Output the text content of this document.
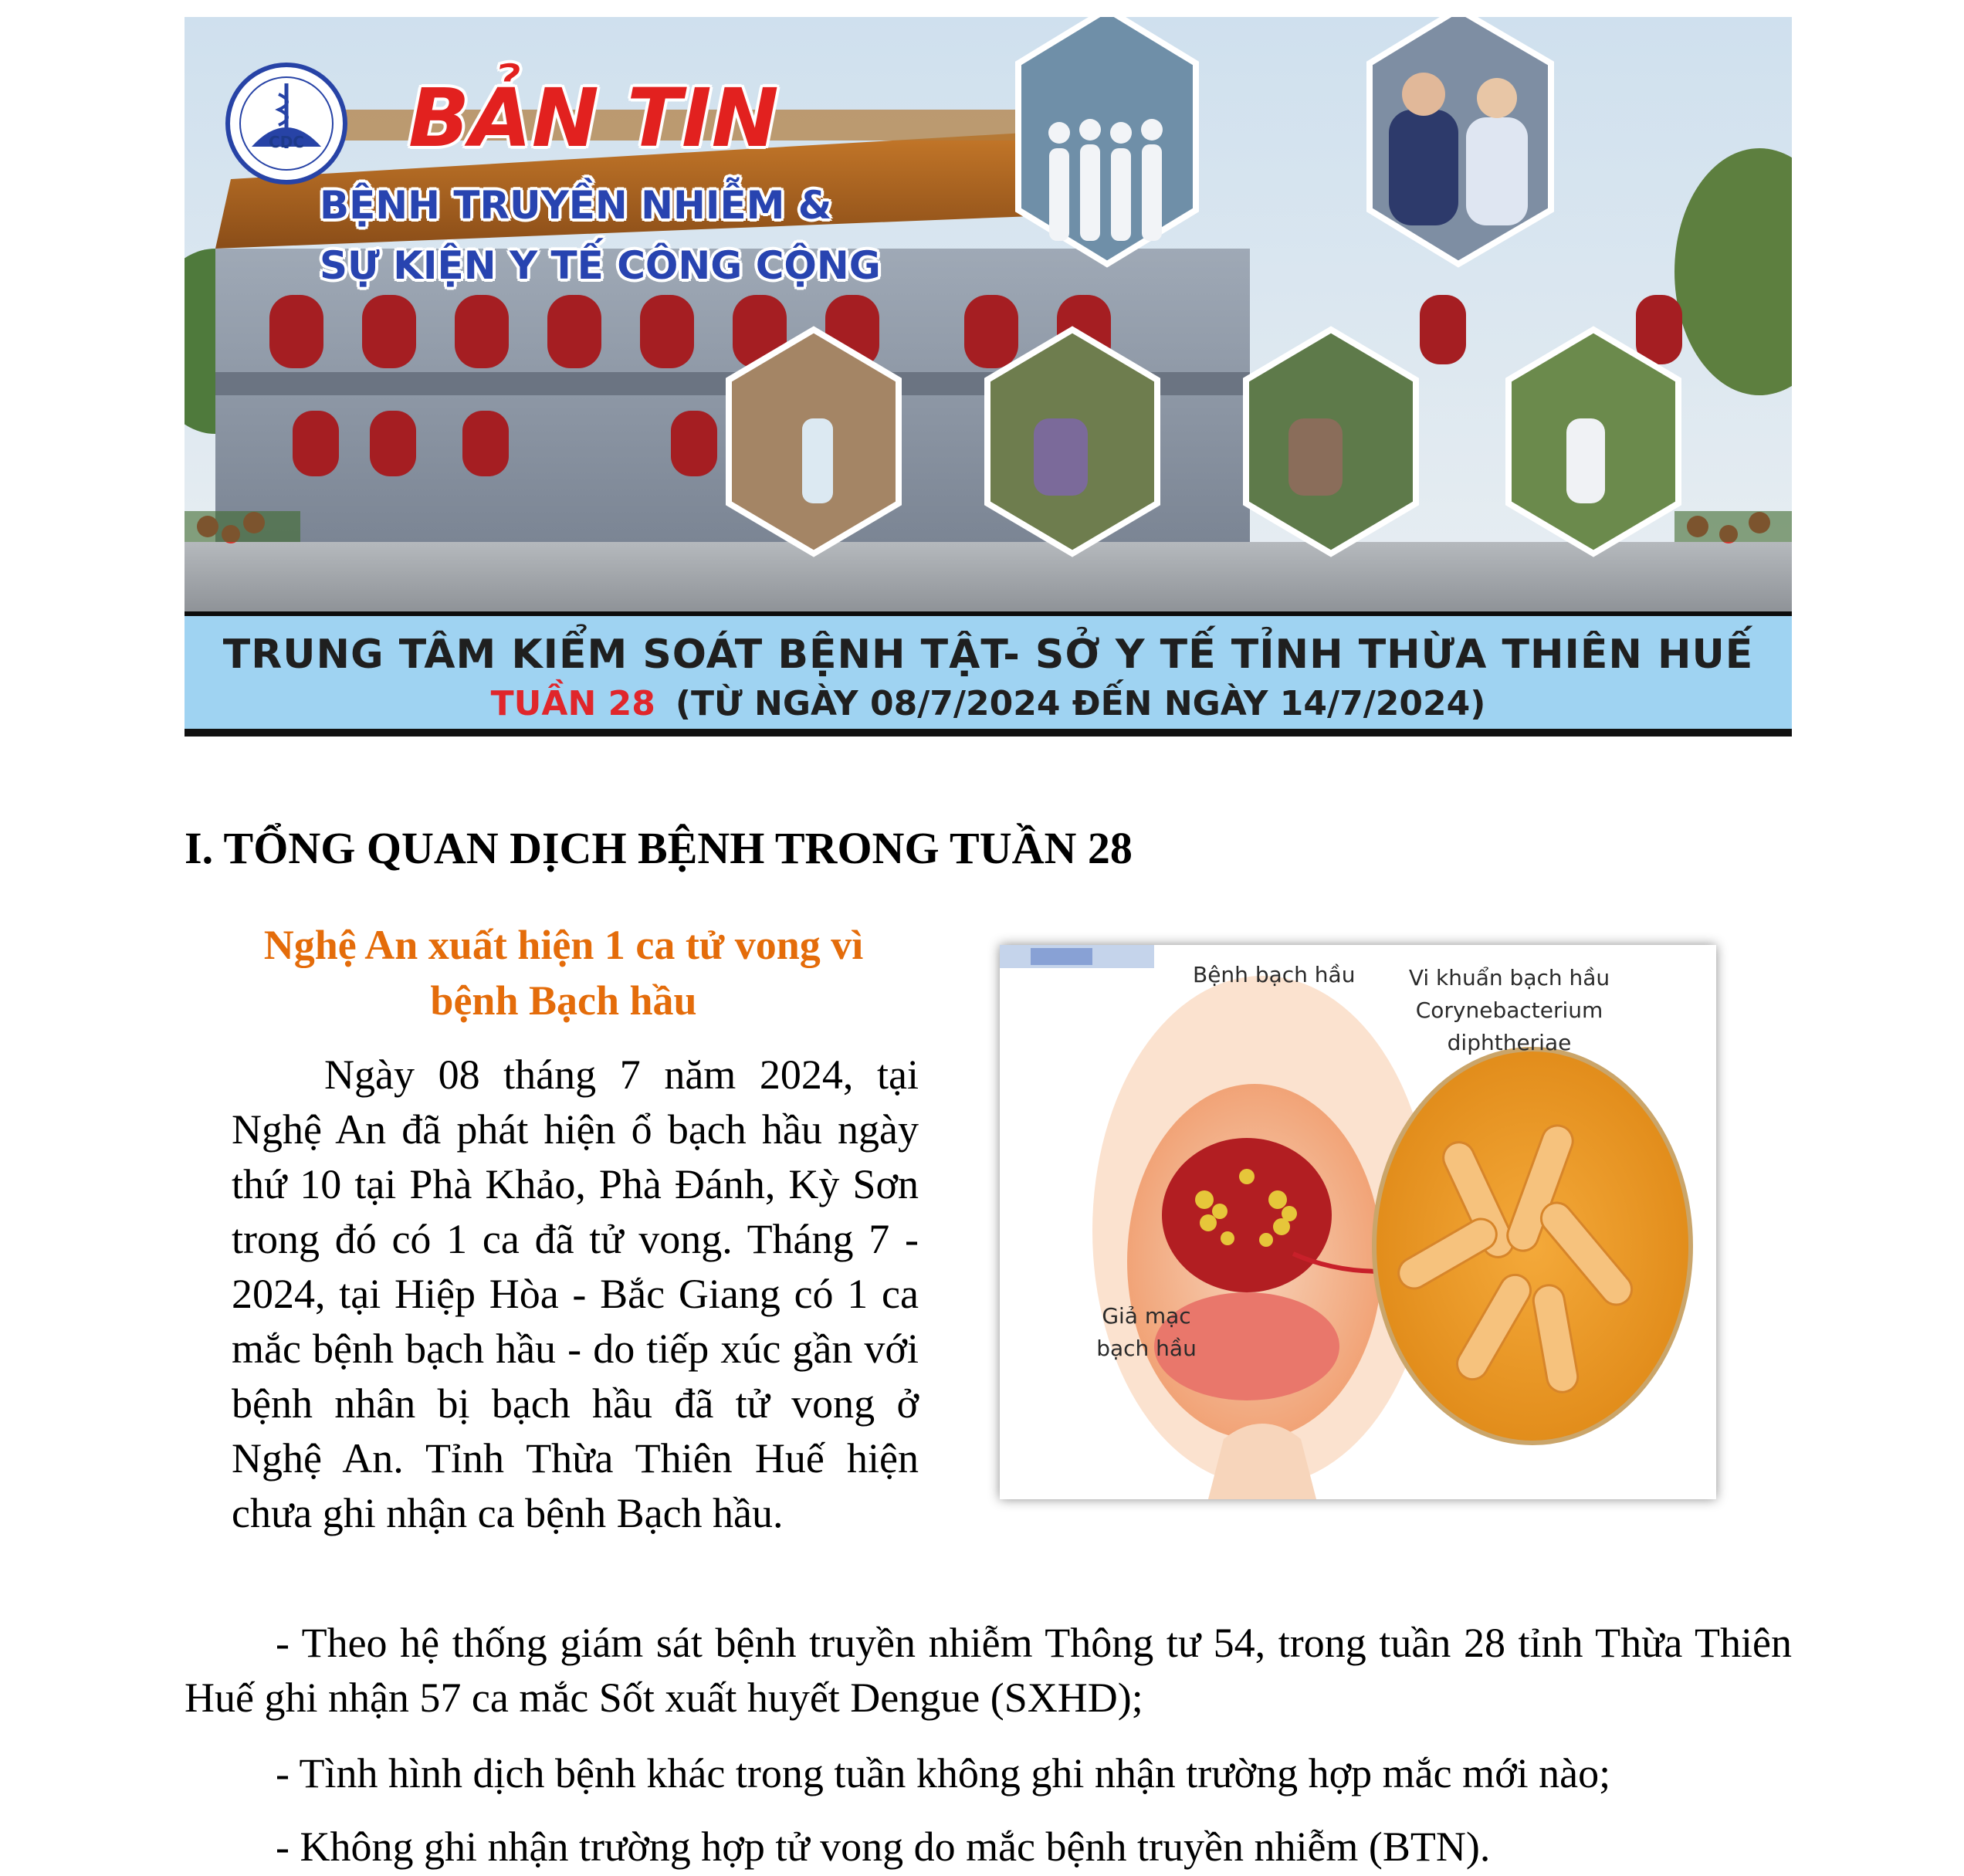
CDC	BẢN TIN
BỆNH TRUYỀN NHIỄM &
SỰ KIỆN Y TẾ CÔNG CỘNG
TRUNG TÂM KIỂM SOÁT BỆNH TẬT- SỞ Y TẾ TỈNH THỪA THIÊN HUẾ
TUẦN 28 (TỪ NGÀY 08/7/2024 ĐẾN NGÀY 14/7/2024)
I. TỔNG QUAN DỊCH BỆNH TRONG TUẦN 28
Nghệ An xuất hiện 1 ca tử vong vì bệnh Bạch hầu

Ngày 08 tháng 7 năm 2024, tại Nghệ An đã phát hiện ổ bạch hầu ngày thứ 10 tại Phà Khảo, Phà Đánh, Kỳ Sơn trong đó có 1 ca đã tử vong. Tháng 7 - 2024, tại Hiệp Hòa - Bắc Giang có 1 ca mắc bệnh bạch hầu - do tiếp xúc gần với bệnh nhân bị bạch hầu đã tử vong ở Nghệ An. Tỉnh Thừa Thiên Huế hiện chưa ghi nhận ca bệnh Bạch hầu.

Bệnh bạch hầu	Vi khuẩn bạch hầu
Corynebacterium diphtheriae
Giả mạc
bạch hầu

- Theo hệ thống giám sát bệnh truyền nhiễm Thông tư 54, trong tuần 28 tỉnh Thừa Thiên Huế ghi nhận 57 ca mắc Sốt xuất huyết Dengue (SXHD);

- Tình hình dịch bệnh khác trong tuần không ghi nhận trường hợp mắc mới nào;

- Không ghi nhận trường hợp tử vong do mắc bệnh truyền nhiễm (BTN).
